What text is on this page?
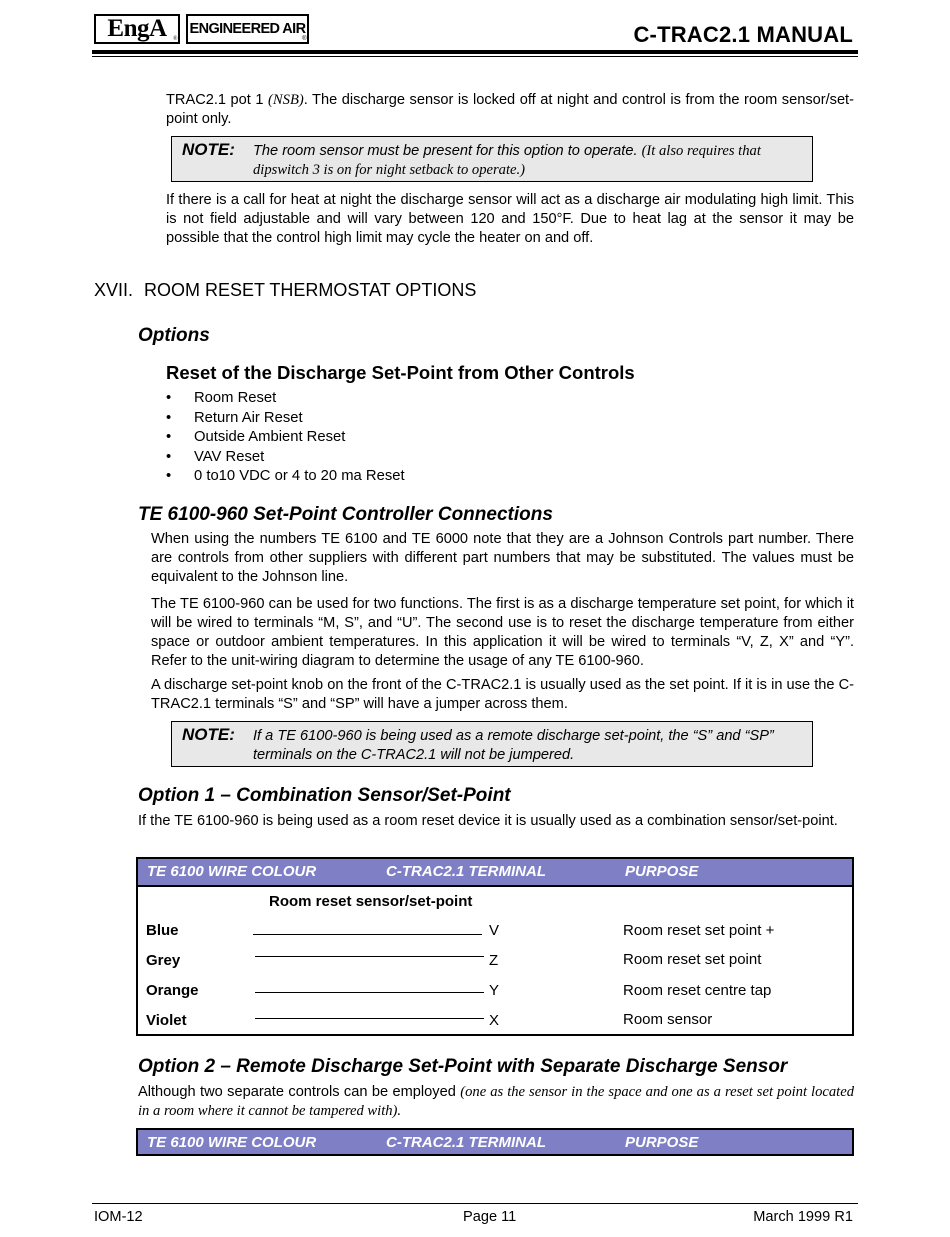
EngA ®
ENGINEERED AIR
®	C-TRAC2.1 MANUAL
TRAC2.1 pot 1 (NSB). The discharge sensor is locked off at night and control is from the room sensor/set-point only.
NOTE: The room sensor must be present for this option to operate. (It also requires that dipswitch 3 is on for night setback to operate.)
If there is a call for heat at night the discharge sensor will act as a discharge air modulating high limit. This is not field adjustable and will vary between 120 and 150°F. Due to heat lag at the sensor it may be possible that the control high limit may cycle the heater on and off.
XVII. ROOM RESET THERMOSTAT OPTIONS
Options
Reset of the Discharge Set-Point from Other Controls
• Room Reset
• Return Air Reset
• Outside Ambient Reset
• VAV Reset
• 0 to10 VDC or 4 to 20 ma Reset
TE 6100-960 Set-Point Controller Connections
When using the numbers TE 6100 and TE 6000 note that they are a Johnson Controls part number. There are controls from other suppliers with different part numbers that may be substituted. The values must be equivalent to the Johnson line.
The TE 6100-960 can be used for two functions. The first is as a discharge temperature set point, for which it will be wired to terminals “M, S”, and “U”. The second use is to reset the discharge temperature from either space or outdoor ambient temperatures. In this application it will be wired to terminals “V, Z, X” and “Y”. Refer to the unit-wiring diagram to determine the usage of any TE 6100-960.
A discharge set-point knob on the front of the C-TRAC2.1 is usually used as the set point. If it is in use the C-TRAC2.1 terminals “S” and “SP” will have a jumper across them.
NOTE: If a TE 6100-960 is being used as a remote discharge set-point, the “S” and “SP” terminals on the C-TRAC2.1 will not be jumpered.
Option 1 – Combination Sensor/Set-Point
If the TE 6100-960 is being used as a room reset device it is usually used as a combination sensor/set-point.
TE 6100 WIRE COLOUR	C-TRAC2.1 TERMINAL	PURPOSE
Room reset sensor/set-point
Blue	V	Room reset set point +
Grey	Z	Room reset set point
Orange	Y	Room reset centre tap
Violet	X	Room sensor
Option 2 – Remote Discharge Set-Point with Separate Discharge Sensor
Although two separate controls can be employed (one as the sensor in the space and one as a reset set point located in a room where it cannot be tampered with).
TE 6100 WIRE COLOUR	C-TRAC2.1 TERMINAL	PURPOSE
IOM-12	Page 11	March 1999 R1
